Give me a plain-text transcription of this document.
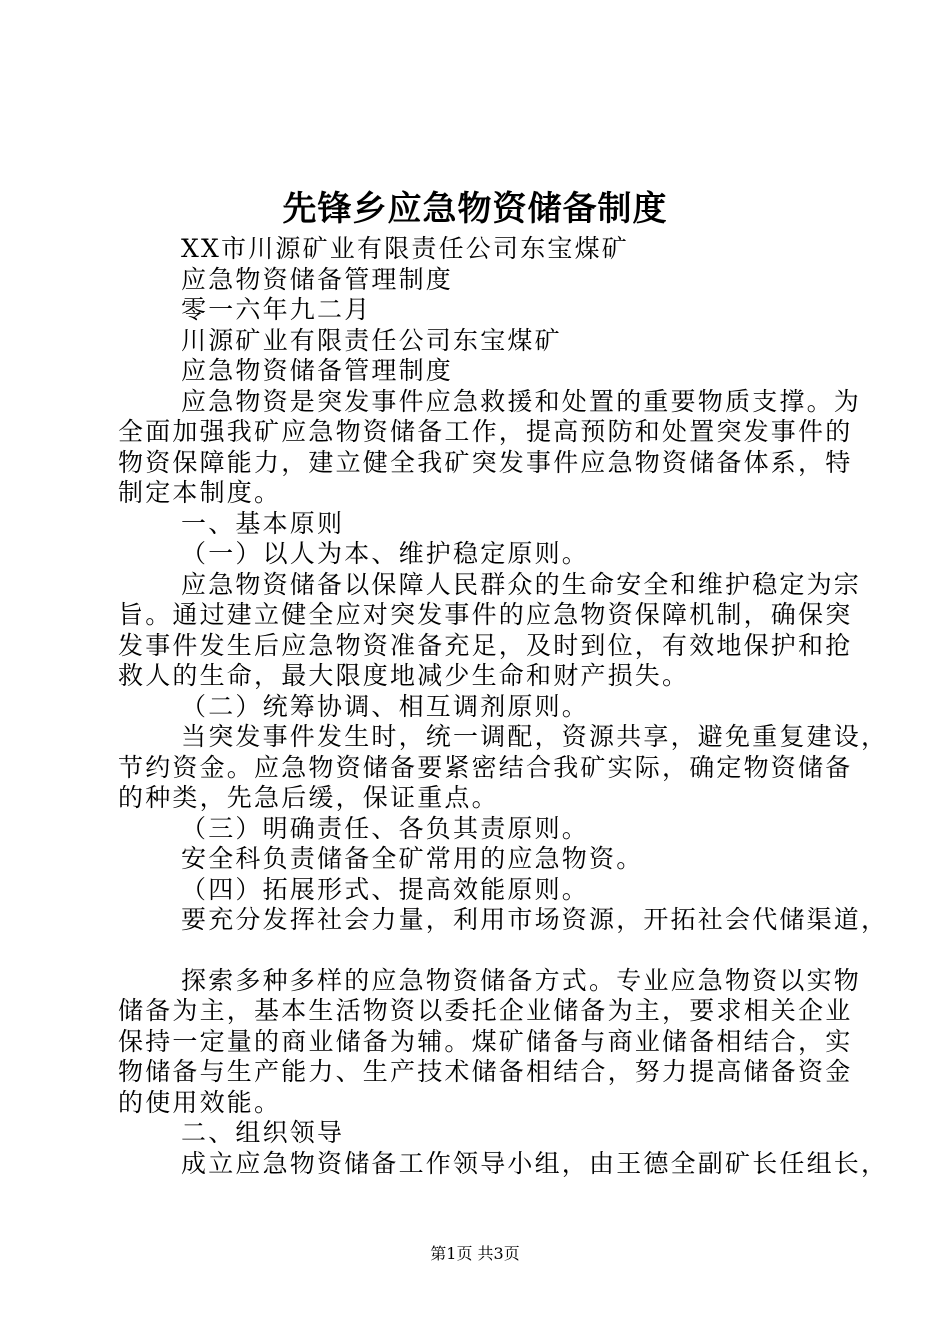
先锋乡应急物资储备制度
XX市川源矿业有限责任公司东宝煤矿
应急物资储备管理制度
零一六年九二月
川源矿业有限责任公司东宝煤矿
应急物资储备管理制度
应急物资是突发事件应急救援和处置的重要物质支撑。为
全面加强我矿应急物资储备工作，提高预防和处置突发事件的
物资保障能力，建立健全我矿突发事件应急物资储备体系，特
制定本制度。
一、基本原则
（一）以人为本、维护稳定原则。
应急物资储备以保障人民群众的生命安全和维护稳定为宗
旨。通过建立健全应对突发事件的应急物资保障机制，确保突
发事件发生后应急物资准备充足，及时到位，有效地保护和抢
救人的生命，最大限度地减少生命和财产损失。
（二）统筹协调、相互调剂原则。
当突发事件发生时，统一调配，资源共享，避免重复建设，
节约资金。应急物资储备要紧密结合我矿实际，确定物资储备
的种类，先急后缓，保证重点。
（三）明确责任、各负其责原则。
安全科负责储备全矿常用的应急物资。
（四）拓展形式、提高效能原则。
要充分发挥社会力量，利用市场资源，开拓社会代储渠道，
探索多种多样的应急物资储备方式。专业应急物资以实物
储备为主，基本生活物资以委托企业储备为主，要求相关企业
保持一定量的商业储备为辅。煤矿储备与商业储备相结合，实
物储备与生产能力、生产技术储备相结合，努力提高储备资金
的使用效能。
二、组织领导
成立应急物资储备工作领导小组，由王德全副矿长任组长，
第1页 共3页
